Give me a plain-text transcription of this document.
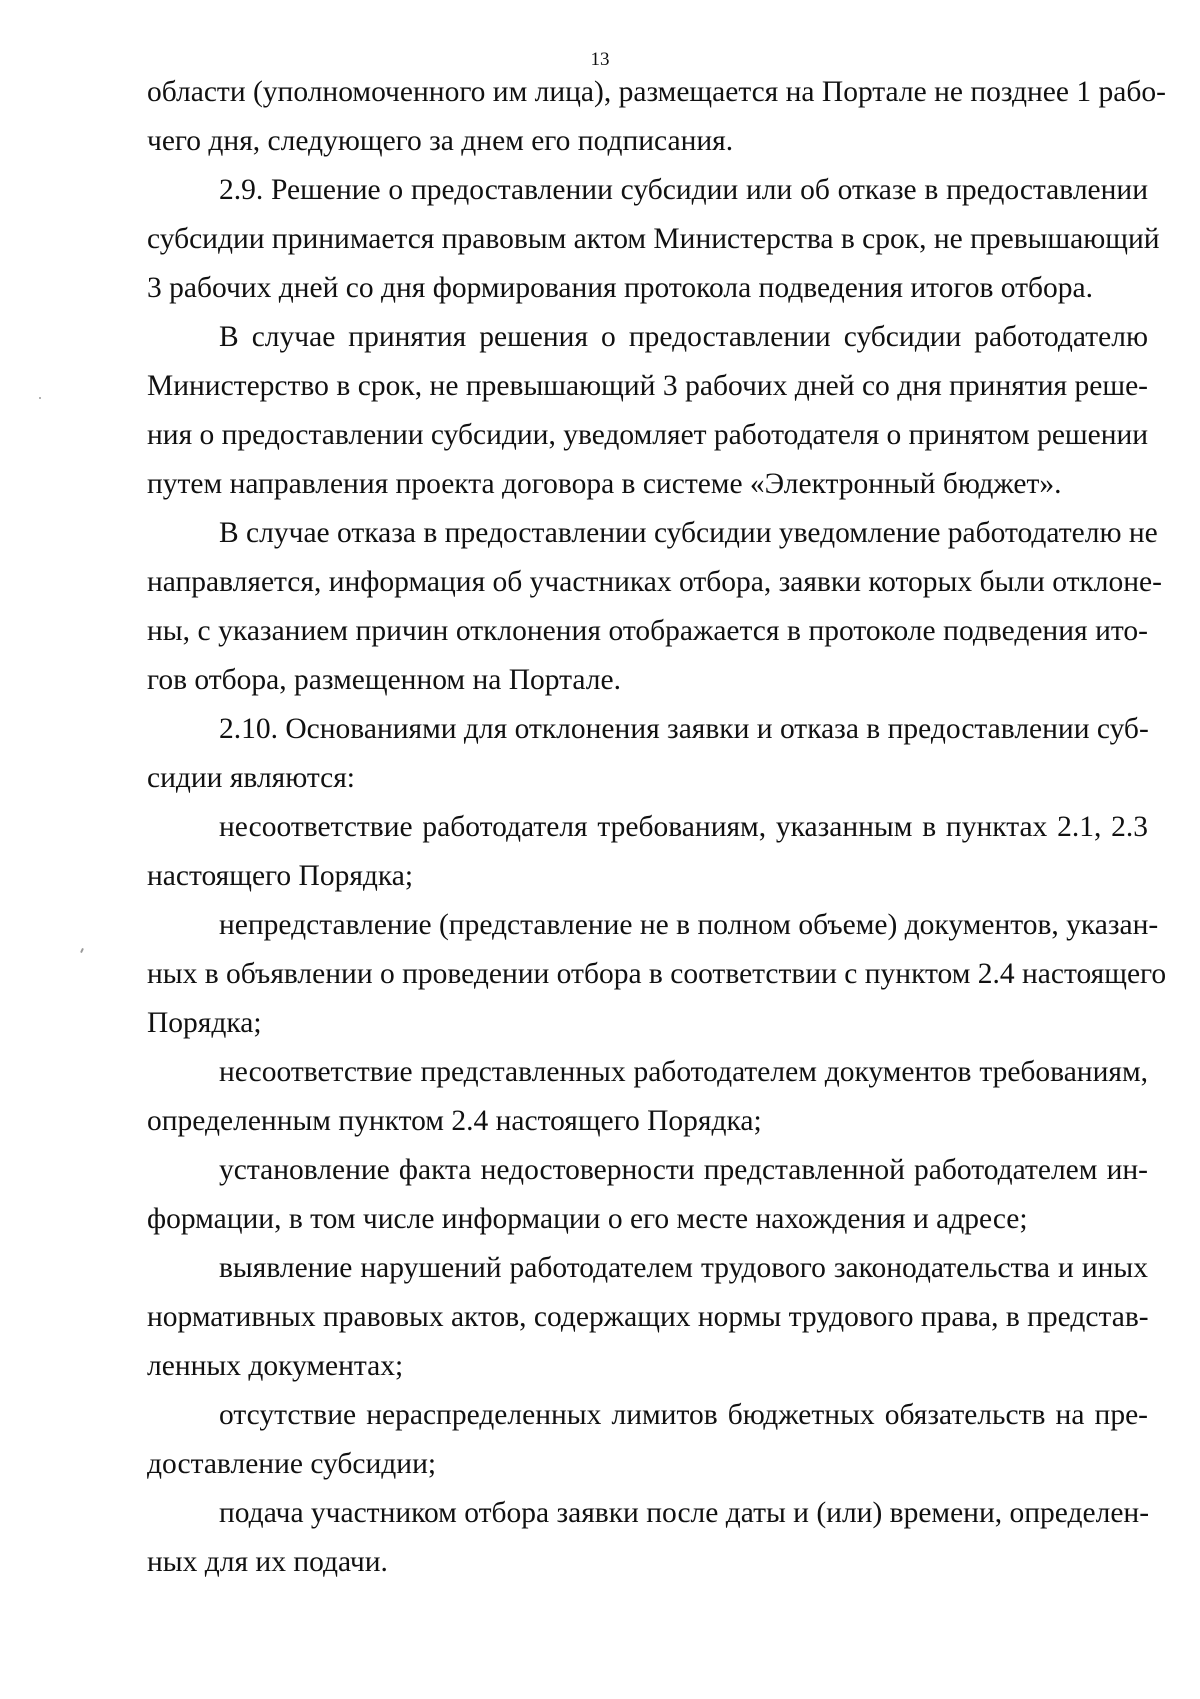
13
области (уполномоченного им лица), размещается на Портале не позднее 1 рабо-
чего дня, следующего за днем его подписания.
2.9. Решение о предоставлении субсидии или об отказе в предоставлении
субсидии принимается правовым актом Министерства в срок, не превышающий
3 рабочих дней со дня формирования протокола подведения итогов отбора.
В случае принятия решения о предоставлении субсидии работодателю
Министерство в срок, не превышающий 3 рабочих дней со дня принятия реше-
ния о предоставлении субсидии, уведомляет работодателя о принятом решении
путем направления проекта договора в системе «Электронный бюджет».
В случае отказа в предоставлении субсидии уведомление работодателю не
направляется, информация об участниках отбора, заявки которых были отклоне-
ны, с указанием причин отклонения отображается в протоколе подведения ито-
гов отбора, размещенном на Портале.
2.10. Основаниями для отклонения заявки и отказа в предоставлении суб-
сидии являются:
несоответствие работодателя требованиям, указанным в пунктах 2.1, 2.3
настоящего Порядка;
непредставление (представление не в полном объеме) документов, указан-
ных в объявлении о проведении отбора в соответствии с пунктом 2.4 настоящего
Порядка;
несоответствие представленных работодателем документов требованиям,
определенным пунктом 2.4 настоящего Порядка;
установление факта недостоверности представленной работодателем ин-
формации, в том числе информации о его месте нахождения и адресе;
выявление нарушений работодателем трудового законодательства и иных
нормативных правовых актов, содержащих нормы трудового права, в представ-
ленных документах;
отсутствие нераспределенных лимитов бюджетных обязательств на пре-
доставление субсидии;
подача участником отбора заявки после даты и (или) времени, определен-
ных для их подачи.
